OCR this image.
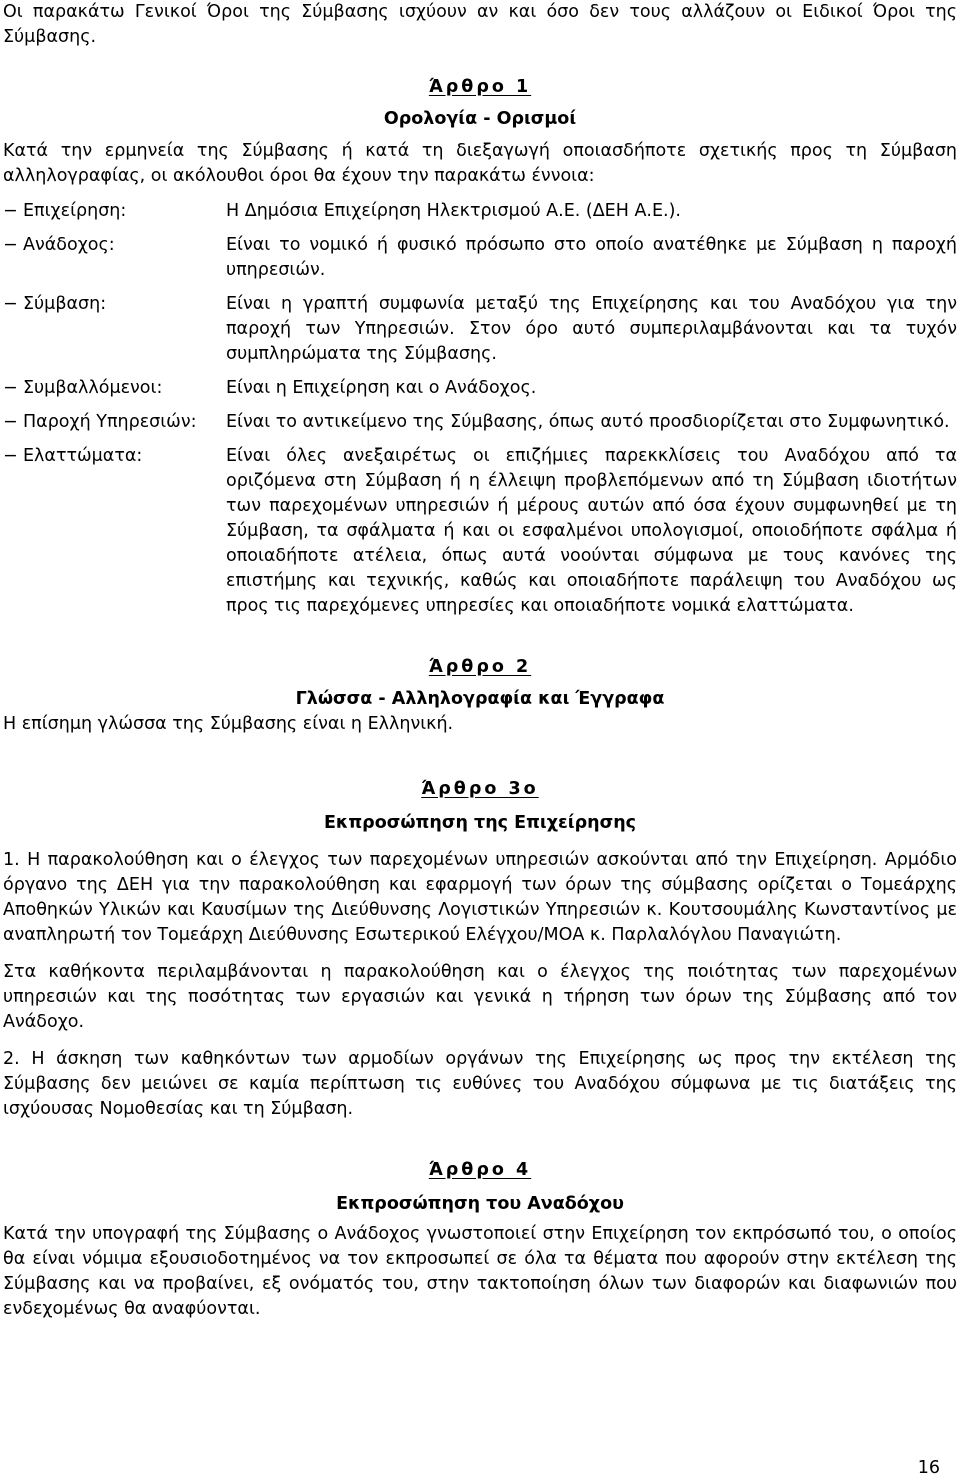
Οι παρακάτω Γενικοί Όροι της Σύμβασης ισχύουν αν και όσο δεν τους αλλάζουν οι Ειδικοί Όροι της Σύμβασης.

Άρθρο 1

Ορολογία - Ορισμοί

Κατά την ερμηνεία της Σύμβασης ή κατά τη διεξαγωγή οποιασδήποτε σχετικής προς τη Σύμβαση αλληλογραφίας, οι ακόλουθοι όροι θα έχουν την παρακάτω έννοια:

− Επιχείρηση:	Η Δημόσια Επιχείρηση Ηλεκτρισμού Α.Ε. (ΔΕΗ Α.Ε.).
− Ανάδοχος:	Είναι το νομικό ή φυσικό πρόσωπο στο οποίο ανατέθηκε με Σύμβαση η παροχή υπηρεσιών.
− Σύμβαση:	Είναι η γραπτή συμφωνία μεταξύ της Επιχείρησης και του Αναδόχου για την παροχή των Υπηρεσιών. Στον όρο αυτό συμπεριλαμβάνονται και τα τυχόν συμπληρώματα της Σύμβασης.
− Συμβαλλόμενοι:	Είναι η Επιχείρηση και ο Ανάδοχος.
− Παροχή Υπηρεσιών:	Είναι το αντικείμενο της Σύμβασης, όπως αυτό προσδιορίζεται στο Συμφωνητικό.
− Ελαττώματα:	Είναι όλες ανεξαιρέτως οι επιζήμιες παρεκκλίσεις του Αναδόχου από τα οριζόμενα στη Σύμβαση ή η έλλειψη προβλεπόμενων από τη Σύμβαση ιδιοτήτων των παρεχομένων υπηρεσιών ή μέρους αυτών από όσα έχουν συμφωνηθεί με τη Σύμβαση, τα σφάλματα ή και οι εσφαλμένοι υπολογισμοί, οποιοδήποτε σφάλμα ή οποιαδήποτε ατέλεια, όπως αυτά νοούνται σύμφωνα με τους κανόνες της επιστήμης και τεχνικής, καθώς και οποιαδήποτε παράλειψη του Αναδόχου ως προς τις παρεχόμενες υπηρεσίες και οποιαδήποτε νομικά ελαττώματα.

Άρθρο 2

Γλώσσα - Αλληλογραφία και Έγγραφα

Η επίσημη γλώσσα της Σύμβασης είναι η Ελληνική.

Άρθρο 3ο

Εκπροσώπηση της Επιχείρησης

1. Η παρακολούθηση και ο έλεγχος των παρεχομένων υπηρεσιών ασκούνται από την Επιχείρηση. Αρμόδιο όργανο της ΔΕΗ για την παρακολούθηση και εφαρμογή των όρων της σύμβασης ορίζεται ο Τομεάρχης Αποθηκών Υλικών και Καυσίμων της Διεύθυνσης Λογιστικών Υπηρεσιών κ. Κουτσουμάλης Κωνσταντίνος με αναπληρωτή τον Τομεάρχη Διεύθυνσης Εσωτερικού Ελέγχου/ΜΟΑ κ. Παρλαλόγλου Παναγιώτη.

Στα καθήκοντα περιλαμβάνονται η παρακολούθηση και ο έλεγχος της ποιότητας των παρεχομένων υπηρεσιών και της ποσότητας των εργασιών και γενικά η τήρηση των όρων της Σύμβασης από τον Ανάδοχο.

2. Η άσκηση των καθηκόντων των αρμοδίων οργάνων της Επιχείρησης ως προς την εκτέλεση της Σύμβασης δεν μειώνει σε καμία περίπτωση τις ευθύνες του Αναδόχου σύμφωνα με τις διατάξεις της ισχύουσας Νομοθεσίας και τη Σύμβαση.

Άρθρο 4

Εκπροσώπηση του Αναδόχου

Κατά την υπογραφή της Σύμβασης ο Ανάδοχος γνωστοποιεί στην Επιχείρηση τον εκπρόσωπό του, ο οποίος θα είναι νόμιμα εξουσιοδοτημένος να τον εκπροσωπεί σε όλα τα θέματα που αφορούν στην εκτέλεση της Σύμβασης και να προβαίνει, εξ ονόματός του, στην τακτοποίηση όλων των διαφορών και διαφωνιών που ενδεχομένως θα αναφύονται.

16
